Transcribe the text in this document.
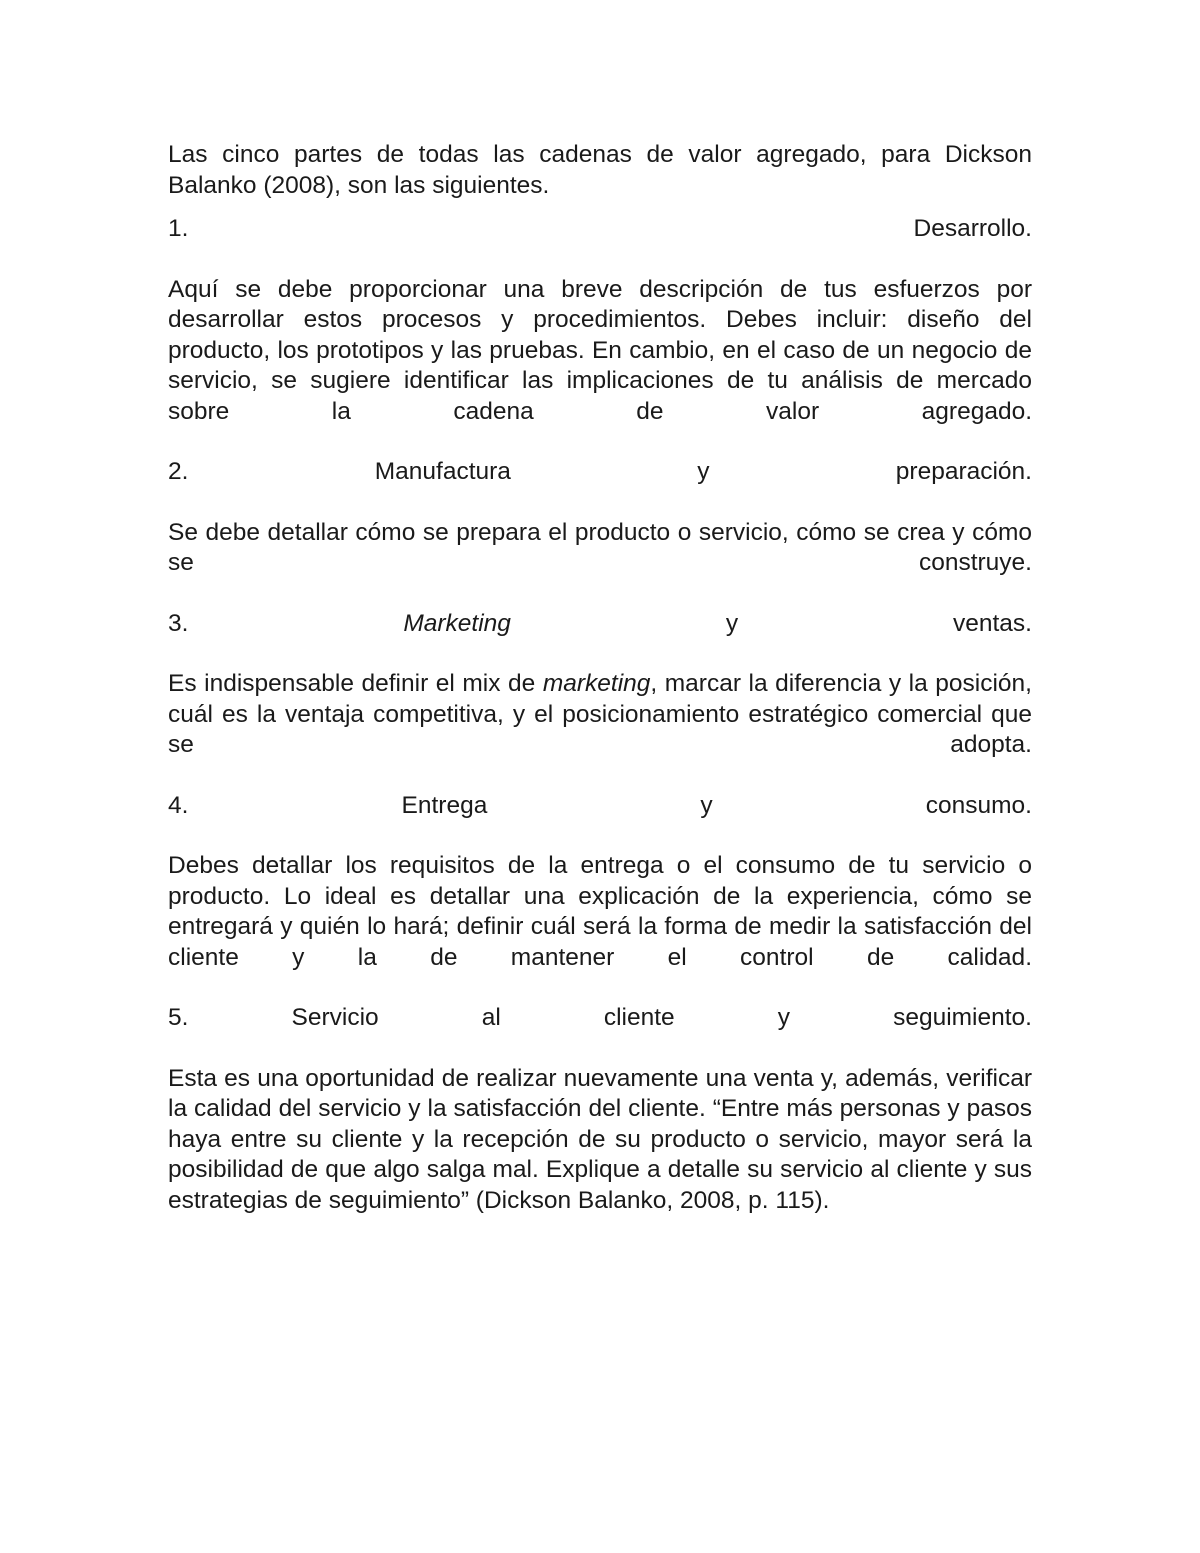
Las cinco partes de todas las cadenas de valor agregado, para Dickson Balanko (2008), son las siguientes.

1. Desarrollo.

Aquí se debe proporcionar una breve descripción de tus esfuerzos por desarrollar estos procesos y procedimientos. Debes incluir: diseño del producto, los prototipos y las pruebas. En cambio, en el caso de un negocio de servicio, se sugiere identificar las implicaciones de tu análisis de mercado sobre la cadena de valor agregado.

2. Manufactura y preparación.

Se debe detallar cómo se prepara el producto o servicio, cómo se crea y cómo se construye.

3.	Marketing	y ventas.

Es indispensable definir el mix de marketing, marcar la diferencia y la posición, cuál es la ventaja competitiva, y el posicionamiento estratégico comercial que se adopta.

4. Entrega y consumo.

Debes detallar los requisitos de la entrega o el consumo de tu servicio o producto. Lo ideal es detallar una explicación de la experiencia, cómo se entregará y quién lo hará; definir cuál será la forma de medir la satisfacción del cliente y la de mantener el control de calidad.

5. Servicio al cliente y seguimiento.

Esta es una oportunidad de realizar nuevamente una venta y, además, verificar la calidad del servicio y la satisfacción del cliente. “Entre más personas y pasos haya entre su cliente y la recepción de su producto o servicio, mayor será la posibilidad de que algo salga mal. Explique a detalle su servicio al cliente y sus estrategias de seguimiento” (Dickson Balanko, 2008, p. 115).
